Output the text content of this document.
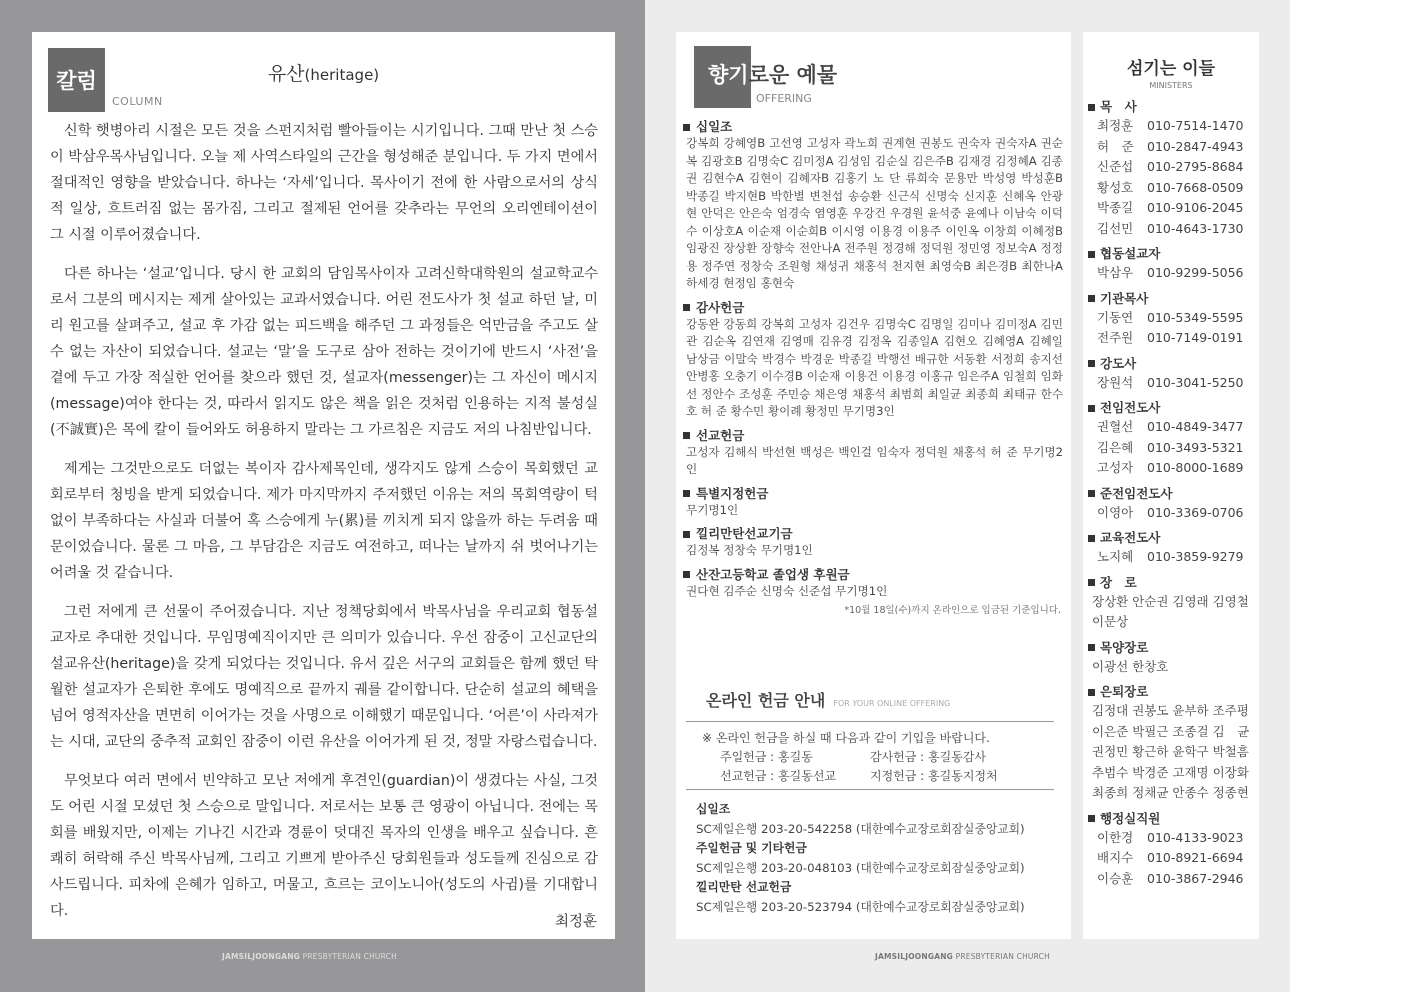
칼럼
COLUMN
유산(heritage)

신학 햇병아리 시절은 모든 것을 스펀지처럼 빨아들이는 시기입니다. 그때 만난 첫 스승이 박삼우목사님입니다. 오늘 제 사역스타일의 근간을 형성해준 분입니다. 두 가지 면에서 절대적인 영향을 받았습니다. 하나는 ‘자세’입니다. 목사이기 전에 한 사람으로서의 상식적 일상, 흐트러짐 없는 몸가짐, 그리고 절제된 언어를 갖추라는 무언의 오리엔테이션이 그 시절 이루어졌습니다.

다른 하나는 ‘설교’입니다. 당시 한 교회의 담임목사이자 고려신학대학원의 설교학교수로서 그분의 메시지는 제게 살아있는 교과서였습니다. 어린 전도사가 첫 설교 하던 날, 미리 원고를 살펴주고, 설교 후 가감 없는 피드백을 해주던 그 과정들은 억만금을 주고도 살 수 없는 자산이 되었습니다. 설교는 ‘말’을 도구로 삼아 전하는 것이기에 반드시 ‘사전’을 곁에 두고 가장 적실한 언어를 찾으라 했던 것, 설교자(messenger)는 그 자신이 메시지(message)여야 한다는 것, 따라서 읽지도 않은 책을 읽은 것처럼 인용하는 지적 불성실(不誠實)은 목에 칼이 들어와도 허용하지 말라는 그 가르침은 지금도 저의 나침반입니다.

제게는 그것만으로도 더없는 복이자 감사제목인데, 생각지도 않게 스승이 목회했던 교회로부터 청빙을 받게 되었습니다. 제가 마지막까지 주저했던 이유는 저의 목회역량이 턱없이 부족하다는 사실과 더불어 혹 스승에게 누(累)를 끼치게 되지 않을까 하는 두려움 때문이었습니다. 물론 그 마음, 그 부담감은 지금도 여전하고, 떠나는 날까지 쉬 벗어나기는 어려울 것 같습니다.

그런 저에게 큰 선물이 주어졌습니다. 지난 정책당회에서 박목사님을 우리교회 협동설교자로 추대한 것입니다. 무임명예직이지만 큰 의미가 있습니다. 우선 잠중이 고신교단의 설교유산(heritage)을 갖게 되었다는 것입니다. 유서 깊은 서구의 교회들은 함께 했던 탁월한 설교자가 은퇴한 후에도 명예직으로 끝까지 궤를 같이합니다. 단순히 설교의 혜택을 넘어 영적자산을 면면히 이어가는 것을 사명으로 이해했기 때문입니다. ‘어른’이 사라져가는 시대, 교단의 중추적 교회인 잠중이 이런 유산을 이어가게 된 것, 정말 자랑스럽습니다.

무엇보다 여러 면에서 빈약하고 모난 저에게 후견인(guardian)이 생겼다는 사실, 그것도 어린 시절 모셨던 첫 스승으로 말입니다. 저로서는 보통 큰 영광이 아닙니다. 전에는 목회를 배웠지만, 이제는 기나긴 시간과 경륜이 덧대진 목자의 인생을 배우고 싶습니다. 흔쾌히 허락해 주신 박목사님께, 그리고 기쁘게 받아주신 당회원들과 성도들께 진심으로 감사드립니다. 피차에 은혜가 임하고, 머물고, 흐르는 코이노니아(성도의 사귐)를 기대합니다.

최정훈
JAMSILJOONGANG PRESBYTERIAN CHURCH
향기로운 예물
OFFERING
십일조
강복희 강혜영B 고선영 고성자 곽노희 권계현 권봉도 권숙자 권숙자A 권순복 김광호B 김명숙C 김미정A 김성임 김순실 김은주B 김재경 김정혜A 김종권 김현수A 김현이 김혜자B 김홍기 노 단 류희숙 문용만 박성영 박성훈B 박종길 박지현B 박한별 변천섭 송승환 신근식 신명숙 신지훈 신혜옥 안광현 안덕은 안은숙 엄경숙 염영훈 우강건 우경원 윤석중 윤예나 이남숙 이덕수 이상호A 이순재 이순희B 이시영 이용경 이용주 이인옥 이창희 이혜정B 임광진 장상환 장향숙 전안나A 전주원 정경해 정덕원 정민영 정보숙A 정정용 정주연 정창숙 조원형 채성귀 채홍석 천지현 최영숙B 최은경B 최한나A 하세경 현정임 홍현숙
감사헌금
강동완 강동희 강복희 고성자 김건우 김명숙C 김명일 김미나 김미정A 김민관 김순옥 김연재 김영매 김유경 김정옥 김종일A 김현오 김혜영A 김혜일 남상금 이말숙 박경수 박경운 박종길 박행선 배규한 서동환 서정희 송지선 안병홍 오충기 이수경B 이순재 이용건 이용경 이홍규 임은주A 임철희 임화선 정안수 조성훈 주민승 채은영 채홍석 최범희 최일균 최종희 최태규 한수호 허 준 황수민 황이례 황정민 무기명3인
선교헌금
고성자 김해식 박선현 백성은 백인걸 임숙자 정덕원 채홍석 허 준 무기명2인
특별지정헌금
무기명1인
낄리만탄선교기금
김정복 정창숙 무기명1인
산잔고등학교 졸업생 후원금
권다현 김주순 신명숙 신준섭 무기명1인
*10월 18일(수)까지 온라인으로 입금된 기준입니다.
온라인 헌금 안내 FOR YOUR ONLINE OFFERING
※ 온라인 헌금을 하실 때 다음과 같이 기입을 바랍니다.
주일헌금 : 홍길동	감사헌금 : 홍길동감사
선교헌금 : 홍길동선교	지정헌금 : 홍길동지정처
십일조
SC제일은행 203-20-542258 (대한예수교장로회잠실중앙교회)
주일헌금 및 기타헌금
SC제일은행 203-20-048103 (대한예수교장로회잠실중앙교회)
낄리만탄 선교헌금
SC제일은행 203-20-523794 (대한예수교장로회잠실중앙교회)
JAMSILJOONGANG PRESBYTERIAN CHURCH
섬기는 이들
MINISTERS
목　사
최정훈 010-7514-1470
허　준 010-2847-4943
신준섭 010-2795-8684
황성호 010-7668-0509
박종길 010-9106-2045
김선민 010-4643-1730
협동설교자
박삼우 010-9299-5056
기관목사
기동연 010-5349-5595
전주원 010-7149-0191
강도사
장원석 010-3041-5250
전임전도사
권혈선 010-4849-3477
김은혜 010-3493-5321
고성자 010-8000-1689
준전임전도사
이영아 010-3369-0706
교육전도사
노지혜 010-3859-9279
장　로
장상환 안순권 김영래 김영철
이문상
목양장로
이광선 한창호
은퇴장로
김정대 권봉도 윤부하 조주평
이은준 박필근 조종걸 김　균
권정민 황근하 윤학구 박철흠
추범수 박경준 고재명 이장화
최종희 정채균 안종수 정종현
행정실직원
이한경 010-4133-9023
배지수 010-8921-6694
이승훈 010-3867-2946
